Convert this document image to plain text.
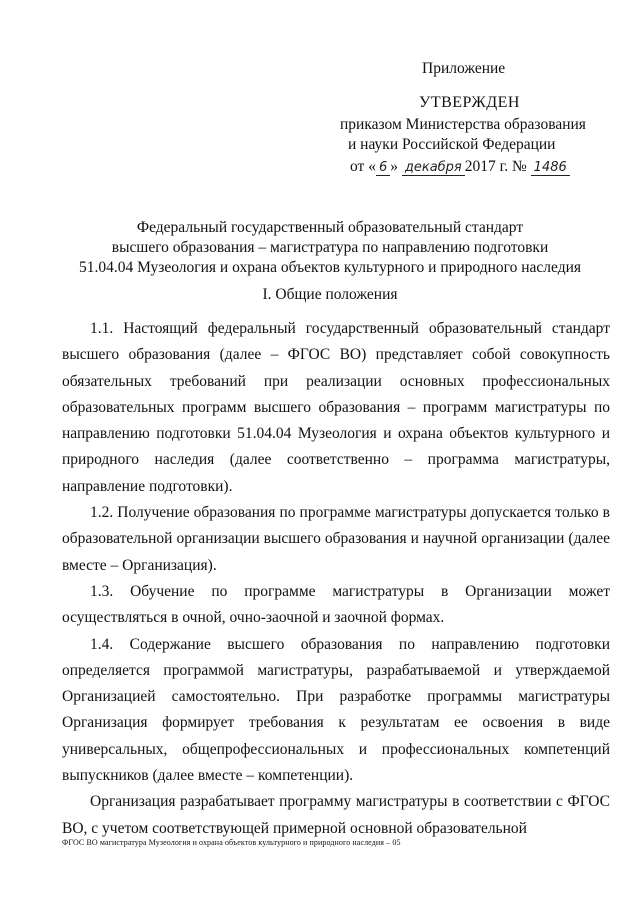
Приложение
УТВЕРЖДЕН
приказом Министерства образования
и науки Российской Федерации
от « 6 » декабря 2017 г. № 1486
Федеральный государственный образовательный стандарт
высшего образования – магистратура по направлению подготовки
51.04.04 Музеология и охрана объектов культурного и природного наследия
I. Общие положения

1.1. Настоящий федеральный государственный образовательный стандарт высшего образования (далее – ФГОС ВО) представляет собой совокупность обязательных требований при реализации основных профессиональных образовательных программ высшего образования – программ магистратуры по направлению подготовки 51.04.04 Музеология и охрана объектов культурного и природного наследия (далее соответственно – программа магистратуры, направление подготовки).

1.2. Получение образования по программе магистратуры допускается только в образовательной организации высшего образования и научной организации (далее вместе – Организация).

1.3. Обучение по программе магистратуры в Организации может осуществляться в очной, очно-заочной и заочной формах.

1.4. Содержание высшего образования по направлению подготовки определяется программой магистратуры, разрабатываемой и утверждаемой Организацией самостоятельно. При разработке программы магистратуры Организация формирует требования к результатам ее освоения в виде универсальных, общепрофессиональных и профессиональных компетенций выпускников (далее вместе – компетенции).

Организация разрабатывает программу магистратуры в соответствии с ФГОС ВО, с учетом соответствующей примерной основной образовательной

ФГОС ВО магистратура Музеология и охрана объектов культурного и природного наследия – 05
